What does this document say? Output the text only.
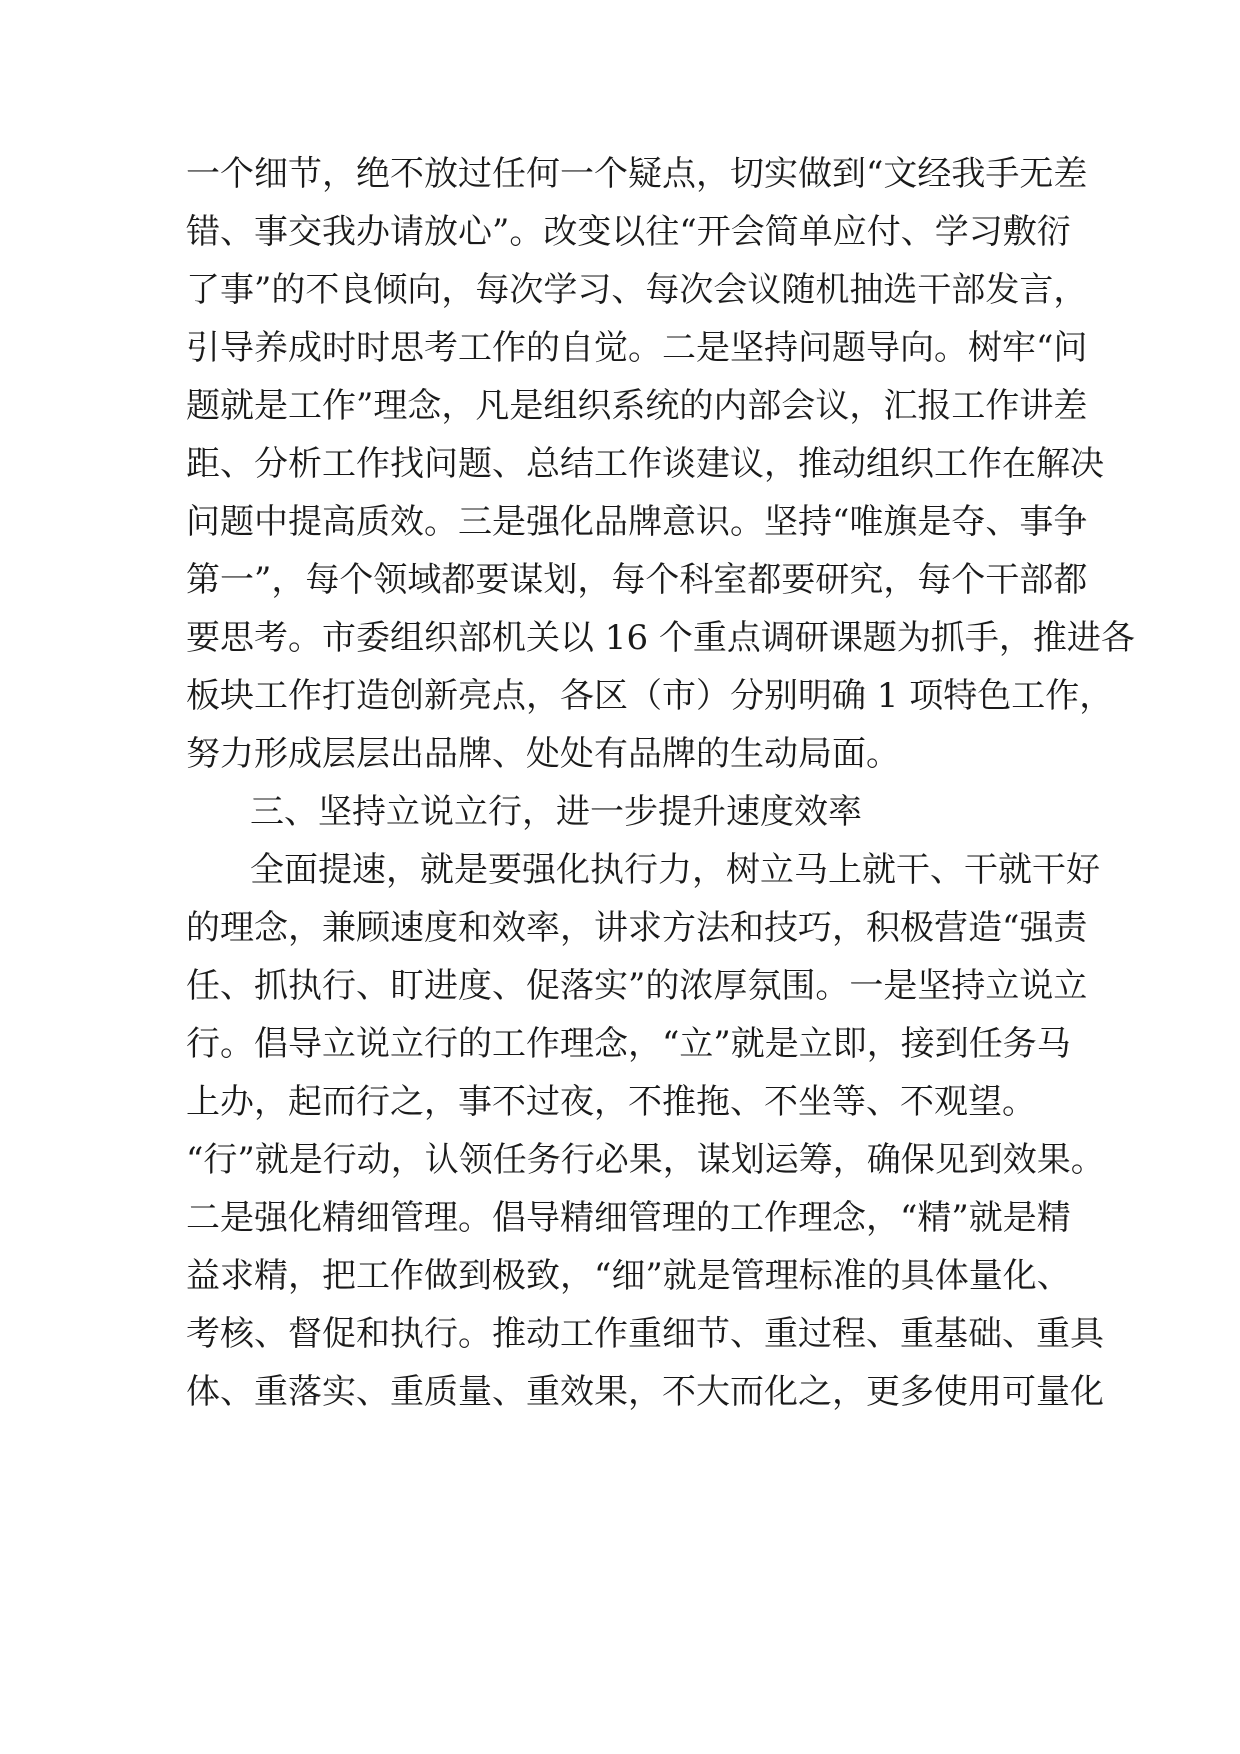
一个细节，绝不放过任何一个疑点，切实做到“文经我手无差
错、事交我办请放心”。改变以往“开会简单应付、学习敷衍
了事”的不良倾向，每次学习、每次会议随机抽选干部发言，
引导养成时时思考工作的自觉。二是坚持问题导向。树牢“问
题就是工作”理念，凡是组织系统的内部会议，汇报工作讲差
距、分析工作找问题、总结工作谈建议，推动组织工作在解决
问题中提高质效。三是强化品牌意识。坚持“唯旗是夺、事争
第一”，每个领域都要谋划，每个科室都要研究，每个干部都
要思考。市委组织部机关以 16 个重点调研课题为抓手，推进各
板块工作打造创新亮点，各区（市）分别明确 1 项特色工作，
努力形成层层出品牌、处处有品牌的生动局面。
三、坚持立说立行，进一步提升速度效率
全面提速，就是要强化执行力，树立马上就干、干就干好
的理念，兼顾速度和效率，讲求方法和技巧，积极营造“强责
任、抓执行、盯进度、促落实”的浓厚氛围。一是坚持立说立
行。倡导立说立行的工作理念，“立”就是立即，接到任务马
上办，起而行之，事不过夜，不推拖、不坐等、不观望。
“行”就是行动，认领任务行必果，谋划运筹，确保见到效果。
二是强化精细管理。倡导精细管理的工作理念，“精”就是精
益求精，把工作做到极致，“细”就是管理标准的具体量化、
考核、督促和执行。推动工作重细节、重过程、重基础、重具
体、重落实、重质量、重效果，不大而化之，更多使用可量化
